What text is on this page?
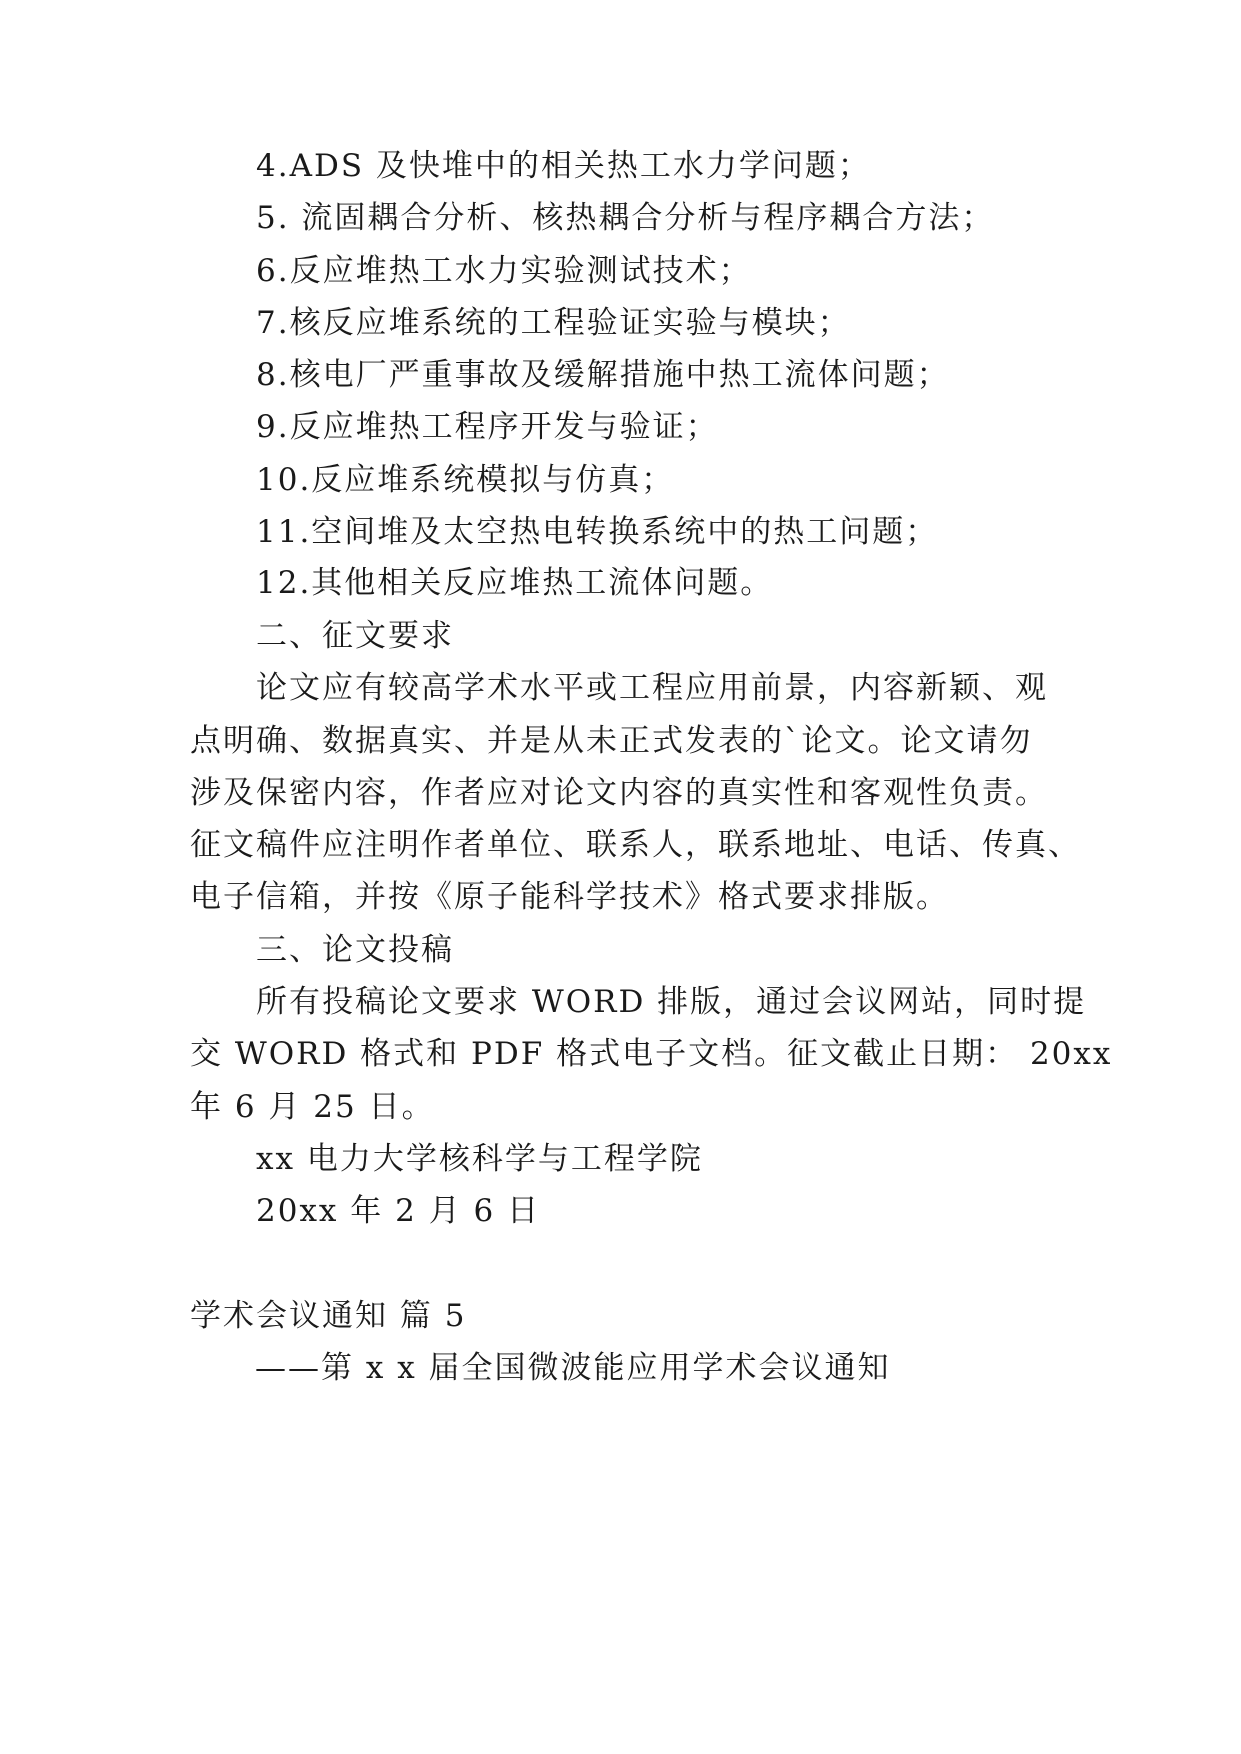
4.ADS 及快堆中的相关热工水力学问题；
5. 流固耦合分析、核热耦合分析与程序耦合方法；
6.反应堆热工水力实验测试技术；
7.核反应堆系统的工程验证实验与模块；
8.核电厂严重事故及缓解措施中热工流体问题；
9.反应堆热工程序开发与验证；
10.反应堆系统模拟与仿真；
11.空间堆及太空热电转换系统中的热工问题；
12.其他相关反应堆热工流体问题。
二、征文要求
论文应有较高学术水平或工程应用前景，内容新颖、观
点明确、数据真实、并是从未正式发表的`论文。论文请勿
涉及保密内容，作者应对论文内容的真实性和客观性负责。
征文稿件应注明作者单位、联系人，联系地址、电话、传真、
电子信箱，并按《原子能科学技术》格式要求排版。
三、论文投稿
所有投稿论文要求 WORD 排版，通过会议网站，同时提
交 WORD 格式和 PDF 格式电子文档。征文截止日期： 20xx
年 6 月 25 日。
xx 电力大学核科学与工程学院
20xx 年 2 月 6 日
学术会议通知 篇 5
——第 x x 届全国微波能应用学术会议通知
